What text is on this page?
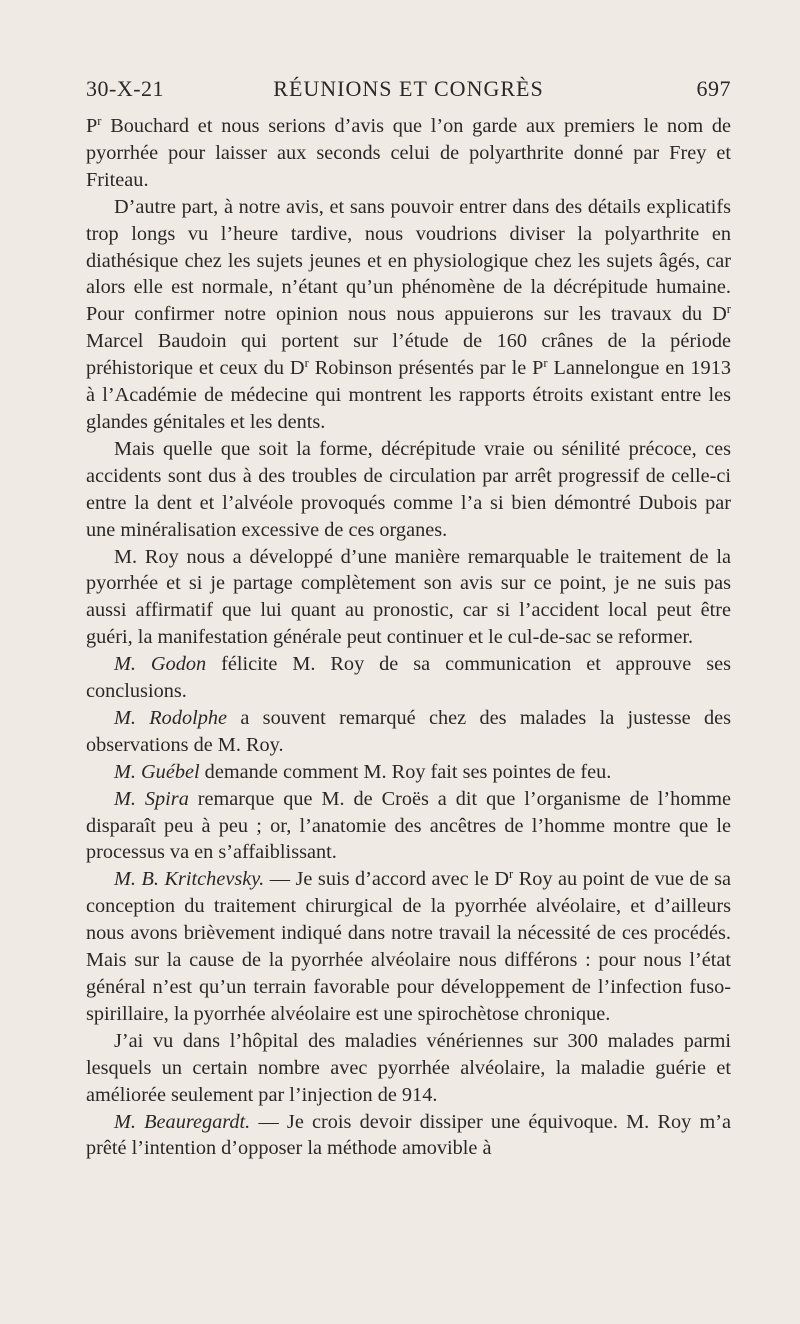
30-X-21	RÉUNIONS ET CONGRÈS	697

$P^r$ Bouchard et nous serions d’avis que l’on garde aux premiers le nom de pyorrhée pour laisser aux seconds celui de polyarthrite donné par Frey et Friteau.

D’autre part, à notre avis, et sans pouvoir entrer dans des détails explicatifs trop longs vu l’heure tardive, nous voudrions diviser la polyarthrite en diathésique chez les sujets jeunes et en physiologique chez les sujets âgés, car alors elle est normale, n’étant qu’un phénomène de la décrépitude humaine. Pour confirmer notre opinion nous nous appuierons sur les travaux du $D^r$ Marcel Baudoin qui portent sur l’étude de 160 crânes de la période préhistorique et ceux du $D^r$ Robinson présentés par le $P^r$ Lannelongue en 1913 à l’Académie de médecine qui montrent les rapports étroits existant entre les glandes génitales et les dents.

Mais quelle que soit la forme, décrépitude vraie ou sénilité précoce, ces accidents sont dus à des troubles de circulation par arrêt progressif de celle-ci entre la dent et l’alvéole provoqués comme l’a si bien démontré Dubois par une minéralisation excessive de ces organes.

M. Roy nous a développé d’une manière remarquable le traitement de la pyorrhée et si je partage complètement son avis sur ce point, je ne suis pas aussi affirmatif que lui quant au pronostic, car si l’accident local peut être guéri, la manifestation générale peut continuer et le cul-de-sac se reformer.

M. Godon félicite M. Roy de sa communication et approuve ses conclusions.

M. Rodolphe a souvent remarqué chez des malades la justesse des observations de M. Roy.

M. Guébel demande comment M. Roy fait ses pointes de feu.

M. Spira remarque que M. de Croës a dit que l’organisme de l’homme disparaît peu à peu ; or, l’anatomie des ancêtres de l’homme montre que le processus va en s’affaiblissant.

M. B. Kritchevsky. — Je suis d’accord avec le $D^r$ Roy au point de vue de sa conception du traitement chirurgical de la pyorrhée alvéolaire, et d’ailleurs nous avons brièvement indiqué dans notre travail la nécessité de ces procédés. Mais sur la cause de la pyorrhée alvéolaire nous différons : pour nous l’état général n’est qu’un terrain favorable pour développement de l’infection fuso-spirillaire, la pyorrhée alvéolaire est une spirochètose chronique.

J’ai vu dans l’hôpital des maladies vénériennes sur 300 malades parmi lesquels un certain nombre avec pyorrhée alvéolaire, la maladie guérie et améliorée seulement par l’injection de 914.

M. Beauregardt. — Je crois devoir dissiper une équivoque. M. Roy m’a prêté l’intention d’opposer la méthode amovible à
